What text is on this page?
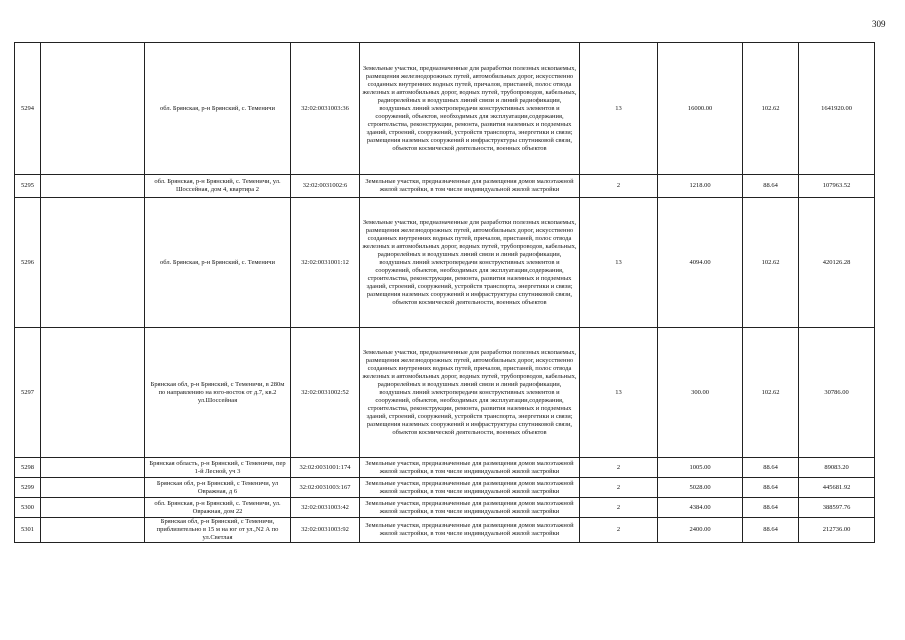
309
5294		обл. Брянская, р-н Брянский, с. Теменичи	32:02:0031003:36	Земельные участки, предназначенные для разработки полезных ископаемых, размещения железнодорожных путей, автомобильных дорог, искусственно созданных внутренних водных путей, причалов, пристаней, полос отвода железных и автомобильных дорог, водных путей, трубопроводов, кабельных, радиорелейных и воздушных линий связи и линий радиофикации, воздушных линий электропередачи конструктивных элементов и сооружений, объектов, необходимых для эксплуатации,содержания, строительства, реконструкции, ремонта, развития наземных и подземных зданий, строений, сооружений, устройств транспорта, энергетики и связи; размещения наземных сооружений и инфраструктуры спутниковой связи, объектов космической деятельности, военных объектов	13	16000.00	102.62	1641920.00
5295		обл. Брянская, р-н Брянский, с. Теменичи, ул. Шоссейная, дом 4, квартира 2	32:02:0031002:6	Земельные участки, предназначенные для размещения домов малоэтажной жилой застройки, в том числе индивидуальной жилой застройки	2	1218.00	88.64	107963.52
5296		обл. Брянская, р-н Брянский, с. Теменичи	32:02:0031001:12	Земельные участки, предназначенные для разработки полезных ископаемых, размещения железнодорожных путей, автомобильных дорог, искусственно созданных внутренних водных путей, причалов, пристаней, полос отвода железных и автомобильных дорог, водных путей, трубопроводов, кабельных, радиорелейных и воздушных линий связи и линий радиофикации, воздушных линий электропередачи конструктивных элементов и сооружений, объектов, необходимых для эксплуатации,содержания, строительства, реконструкции, ремонта, развития наземных и подземных зданий, строений, сооружений, устройств транспорта, энергетики и связи; размещения наземных сооружений и инфраструктуры спутниковой связи, объектов космической деятельности, военных объектов	13	4094.00	102.62	420126.28
5297		Брянская обл, р-н Брянский, с Теменичи, в 280м по направлению на юго-восток от д.7, кв.2 ул.Шоссейная	32:02:0031002:52	Земельные участки, предназначенные для разработки полезных ископаемых, размещения железнодорожных путей, автомобильных дорог, искусственно созданных внутренних водных путей, причалов, пристаней, полос отвода железных и автомобильных дорог, водных путей, трубопроводов, кабельных, радиорелейных и воздушных линий связи и линий радиофикации, воздушных линий электропередачи конструктивных элементов и сооружений, объектов, необходимых для эксплуатации,содержания, строительства, реконструкции, ремонта, развития наземных и подземных зданий, строений, сооружений, устройств транспорта, энергетики и связи; размещения наземных сооружений и инфраструктуры спутниковой связи, объектов космической деятельности, военных объектов	13	300.00	102.62	30786.00
5298		Брянская область, р-н Брянский, с Теменичи, пер 1-й Лесной, уч 3	32:02:0031001:174	Земельные участки, предназначенные для размещения домов малоэтажной жилой застройки, в том числе индивидуальной жилой застройки	2	1005.00	88.64	89083.20
5299		Брянская обл, р-н Брянский, с Теменичи, ул Овражная, д 6	32:02:0031003:167	Земельные участки, предназначенные для размещения домов малоэтажной жилой застройки, в том числе индивидуальной жилой застройки	2	5028.00	88.64	445681.92
5300		обл. Брянская, р-н Брянский, с. Теменичи, ул. Овражная, дом 22	32:02:0031003:42	Земельные участки, предназначенные для размещения домов малоэтажной жилой застройки, в том числе индивидуальной жилой застройки	2	4384.00	88.64	388597.76
5301		Брянская обл, р-н Брянский, с Теменичи, приблизительно в 15 м на юг от ул.,N2 А по ул.Светлая	32:02:0031003:92	Земельные участки, предназначенные для размещения домов малоэтажной жилой застройки, в том числе индивидуальной жилой застройки	2	2400.00	88.64	212736.00
